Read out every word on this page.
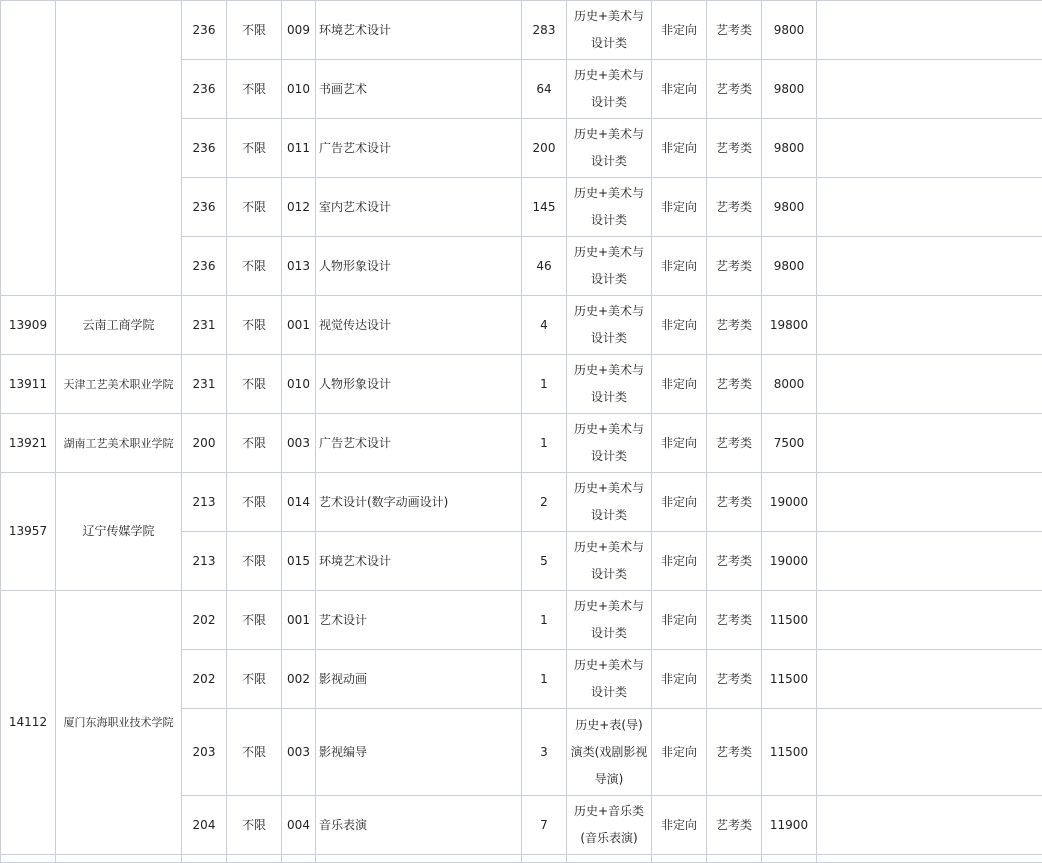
		236	不限	009	环境艺术设计	283	历史+美术与设计类	非定向	艺考类	9800	
		236	不限	010	书画艺术	64	历史+美术与设计类	非定向	艺考类	9800	
		236	不限	011	广告艺术设计	200	历史+美术与设计类	非定向	艺考类	9800	
		236	不限	012	室内艺术设计	145	历史+美术与设计类	非定向	艺考类	9800	
		236	不限	013	人物形象设计	46	历史+美术与设计类	非定向	艺考类	9800	
13909	云南工商学院	231	不限	001	视觉传达设计	4	历史+美术与设计类	非定向	艺考类	19800	
13911	天津工艺美术职业学院	231	不限	010	人物形象设计	1	历史+美术与设计类	非定向	艺考类	8000	
13921	湖南工艺美术职业学院	200	不限	003	广告艺术设计	1	历史+美术与设计类	非定向	艺考类	7500	
13957	辽宁传媒学院	213	不限	014	艺术设计(数字动画设计)	2	历史+美术与设计类	非定向	艺考类	19000	
		213	不限	015	环境艺术设计	5	历史+美术与设计类	非定向	艺考类	19000	
14112	厦门东海职业技术学院	202	不限	001	艺术设计	1	历史+美术与设计类	非定向	艺考类	11500	
		202	不限	002	影视动画	1	历史+美术与设计类	非定向	艺考类	11500	
		203	不限	003	影视编导	3	历史+表(导)演类(戏剧影视导演)	非定向	艺考类	11500	
		204	不限	004	音乐表演	7	历史+音乐类(音乐表演)	非定向	艺考类	11900	
